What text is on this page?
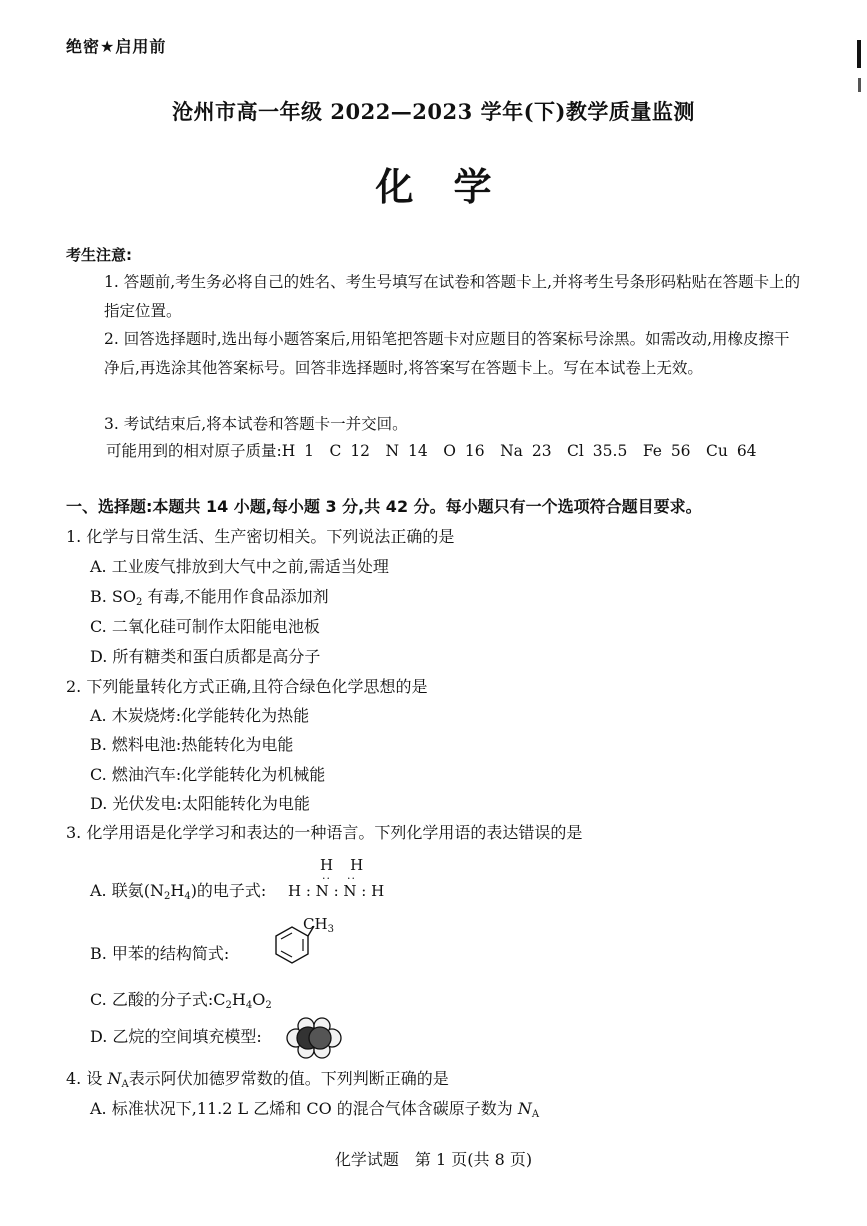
绝密★启用前
沧州市高一年级 2022—2023 学年(下)教学质量监测
化学
考生注意:
1. 答题前,考生务必将自己的姓名、考生号填写在试卷和答题卡上,并将考生号条形码粘贴在答题卡上的指定位置。
2. 回答选择题时,选出每小题答案后,用铅笔把答题卡对应题目的答案标号涂黑。如需改动,用橡皮擦干净后,再选涂其他答案标号。回答非选择题时,将答案写在答题卡上。写在本试卷上无效。
3. 考试结束后,将本试卷和答题卡一并交回。
可能用到的相对原子质量:H 1　C 12　N 14　O 16　Na 23　Cl 35.5　Fe 56　Cu 64
一、选择题:本题共 14 小题,每小题 3 分,共 42 分。每小题只有一个选项符合题目要求。
1. 化学与日常生活、生产密切相关。下列说法正确的是
A. 工业废气排放到大气中之前,需适当处理
B. $SO_2$ 有毒,不能用作食品添加剂
C. 二氧化硅可制作太阳能电池板
D. 所有糖类和蛋白质都是高分子
2. 下列能量转化方式正确,且符合绿色化学思想的是
A. 木炭烧烤:化学能转化为热能
B. 燃料电池:热能转化为电能
C. 燃油汽车:化学能转化为机械能
D. 光伏发电:太阳能转化为电能
3. 化学用语是化学学习和表达的一种语言。下列化学用语的表达错误的是
A. 联氨$(N_2H_4)$的电子式:
H　H
·· ··
H : N : N : H
B. 甲苯的结构简式:
$CH_3$
C. 乙酸的分子式$:C_2H_4O_2$
D. 乙烷的空间填充模型:
4. 设 $N_A$表示阿伏加德罗常数的值。下列判断正确的是
A. 标准状况下,11.2 L 乙烯和 CO 的混合气体含碳原子数为 $N_A$
化学试题　第 1 页(共 8 页)
